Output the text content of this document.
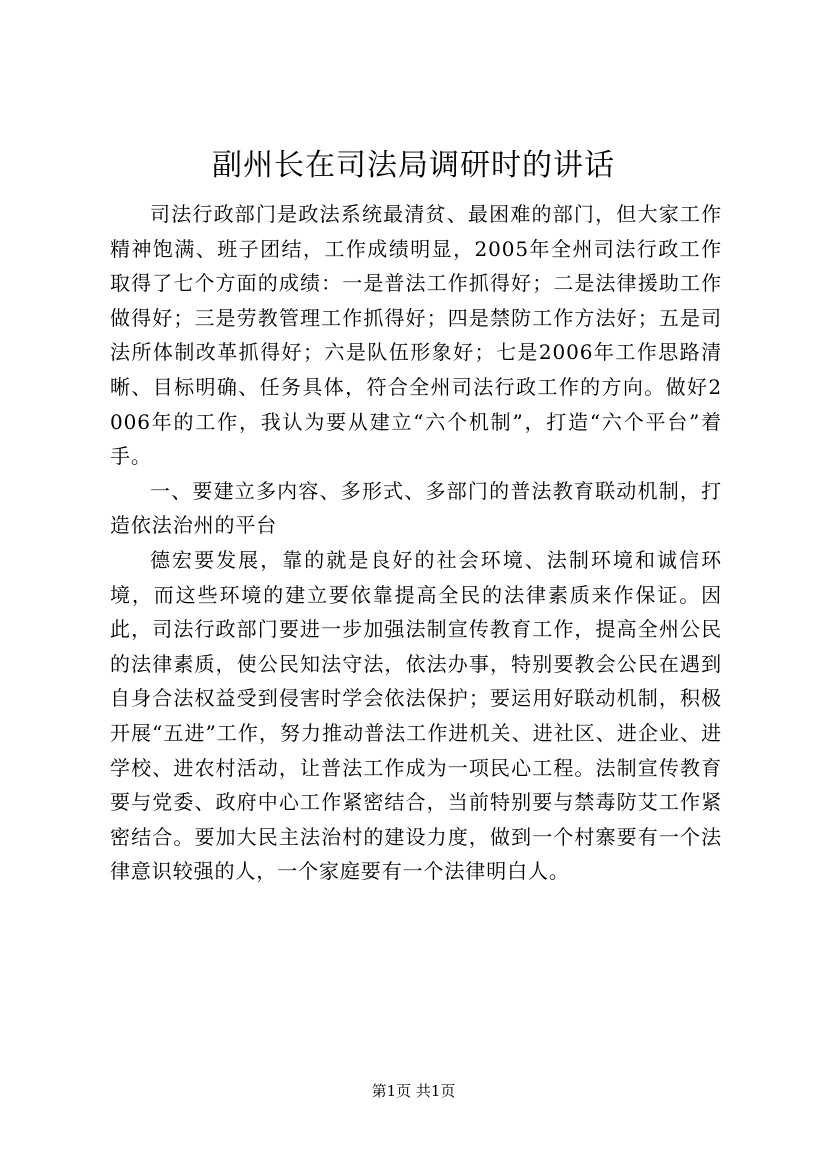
副州长在司法局调研时的讲话

司法行政部门是政法系统最清贫、最困难的部门，但大家工作精神饱满、班子团结，工作成绩明显，2005年全州司法行政工作取得了七个方面的成绩：一是普法工作抓得好；二是法律援助工作做得好；三是劳教管理工作抓得好；四是禁防工作方法好；五是司法所体制改革抓得好；六是队伍形象好；七是2006年工作思路清晰、目标明确、任务具体，符合全州司法行政工作的方向。做好2006年的工作，我认为要从建立“六个机制”，打造“六个平台”着手。

一、要建立多内容、多形式、多部门的普法教育联动机制，打造依法治州的平台

德宏要发展，靠的就是良好的社会环境、法制环境和诚信环境，而这些环境的建立要依靠提高全民的法律素质来作保证。因此，司法行政部门要进一步加强法制宣传教育工作，提高全州公民的法律素质，使公民知法守法，依法办事，特别要教会公民在遇到自身合法权益受到侵害时学会依法保护；要运用好联动机制，积极开展“五进”工作，努力推动普法工作进机关、进社区、进企业、进学校、进农村活动，让普法工作成为一项民心工程。法制宣传教育要与党委、政府中心工作紧密结合，当前特别要与禁毒防艾工作紧密结合。要加大民主法治村的建设力度，做到一个村寨要有一个法律意识较强的人，一个家庭要有一个法律明白人。

第1页 共1页
